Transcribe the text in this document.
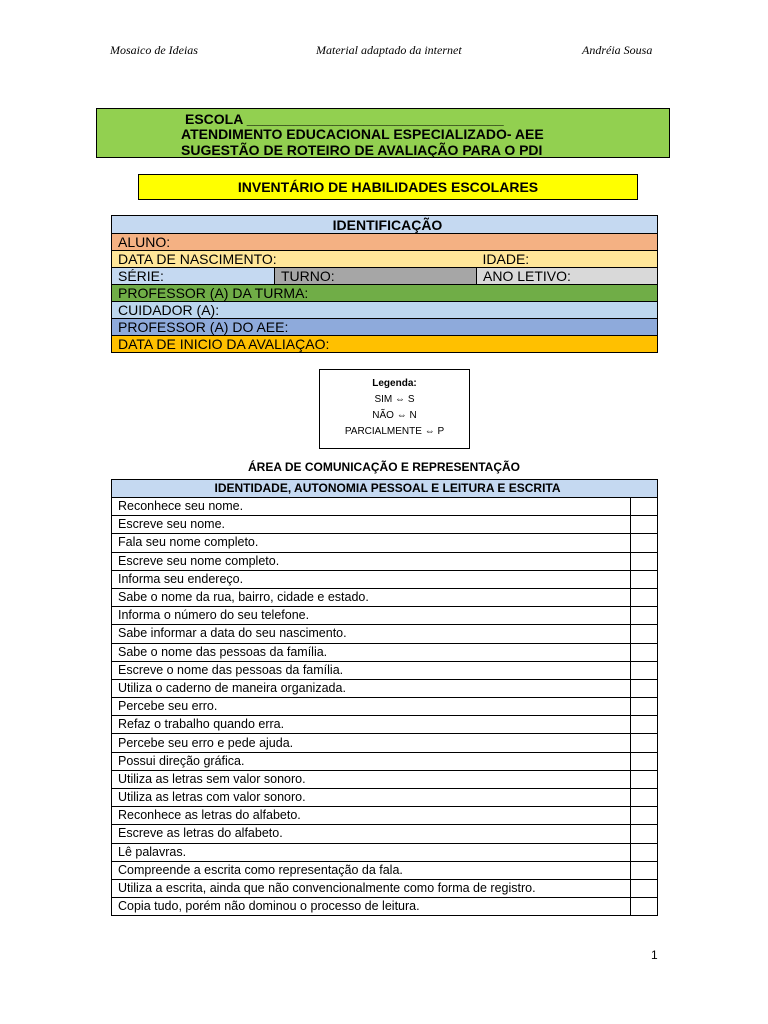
Mosaico de Ideias	Material adaptado da internet	Andréia Sousa
ESCOLA _________________________________
ATENDIMENTO EDUCACIONAL ESPECIALIZADO- AEE
SUGESTÃO DE ROTEIRO DE AVALIAÇÃO PARA O PDI
INVENTÁRIO DE HABILIDADES ESCOLARES
IDENTIFICAÇÃO		
ALUNO:		
DATA DE NASCIMENTO:		IDADE:
SÉRIE:	TURNO:	ANO LETIVO:
PROFESSOR (A) DA TURMA:		
CUIDADOR (A):		
PROFESSOR (A) DO AEE:		
DATA DE INICIO DA AVALIAÇAO:		
Legenda:
SIM ⇔ S
NÃO ⇔ N
PARCIALMENTE ⇔ P
ÁREA DE COMUNICAÇÃO E REPRESENTAÇÃO
IDENTIDADE, AUTONOMIA PESSOAL E LEITURA E ESCRITA	
Reconhece seu nome.	
Escreve seu nome.	
Fala seu nome completo.	
Escreve seu nome completo.	
Informa seu endereço.	
Sabe o nome da rua, bairro, cidade e estado.	
Informa o número do seu telefone.	
Sabe informar a data do seu nascimento.	
Sabe o nome das pessoas da família.	
Escreve o nome das pessoas da família.	
Utiliza o caderno de maneira organizada.	
Percebe seu erro.	
Refaz o trabalho quando erra.	
Percebe seu erro e pede ajuda.	
Possui direção gráfica.	
Utiliza as letras sem valor sonoro.	
Utiliza as letras com valor sonoro.	
Reconhece as letras do alfabeto.	
Escreve as letras do alfabeto.	
Lê palavras.	
Compreende a escrita como representação da fala.	
Utiliza a escrita, ainda que não convencionalmente como forma de registro.	
Copia tudo, porém não dominou o processo de leitura.	
1
